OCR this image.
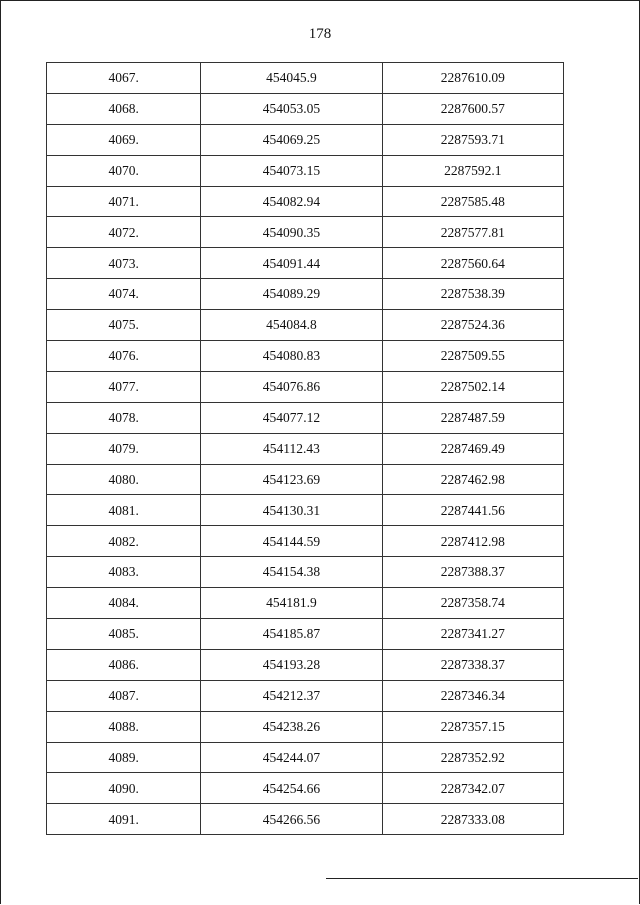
178
4067.	454045.9	2287610.09
4068.	454053.05	2287600.57
4069.	454069.25	2287593.71
4070.	454073.15	2287592.1
4071.	454082.94	2287585.48
4072.	454090.35	2287577.81
4073.	454091.44	2287560.64
4074.	454089.29	2287538.39
4075.	454084.8	2287524.36
4076.	454080.83	2287509.55
4077.	454076.86	2287502.14
4078.	454077.12	2287487.59
4079.	454112.43	2287469.49
4080.	454123.69	2287462.98
4081.	454130.31	2287441.56
4082.	454144.59	2287412.98
4083.	454154.38	2287388.37
4084.	454181.9	2287358.74
4085.	454185.87	2287341.27
4086.	454193.28	2287338.37
4087.	454212.37	2287346.34
4088.	454238.26	2287357.15
4089.	454244.07	2287352.92
4090.	454254.66	2287342.07
4091.	454266.56	2287333.08
